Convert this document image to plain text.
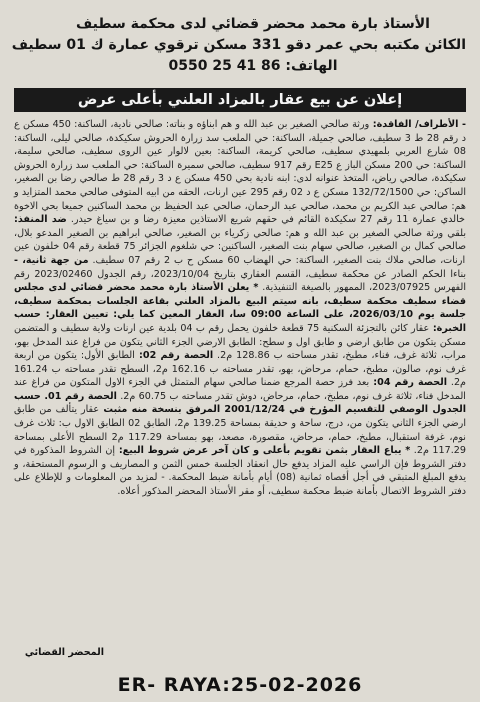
الأستاذ بارة محمد محضر قضائي لدى محكمة سطيف
الكائن مكتبه بحي عمر دقو 331 مسكن ترقوي عمارة ك 01 سطيف
الهاتف: 86 41 25 0550
إعلان عن بيع عقار بالمزاد العلني بأعلى عرض

- الأطراف/ الفاقدة: ورثة صالحي الصغير بن عبد الله و هم ابناؤه و بناته: صالحي نادية، الساكنة: 450 مسكن ع د رقم 28 ط 3 سطيف، صالحي جميلة، الساكنة: حي الملعب سد زرارة الحروش سكيكدة، صالحي ليلى، الساكنة: 08 شارع العربي بلمهيدي سطيف، صالحي كريمة، الساكنة: بعين لالوار عين الروى سطيف، صالحي سليمة، الساكنة: حي 200 مسكن الباز ع E25 رقم 917 سطيف، صالحي سميرة الساكنة: حي الملعب سد زرارة الحروش سكيكدة، صالحي رياض، المتخذ عنوانه لدى: ابنه نادية بحي 450 مسكن ع د 3 رقم 28 ط صالحي رضا بن الصغير، الساكن: حي 132/72/1500 مسكن ع د 02 رقم 295 عين ارنات، الحقه من ابيه المتوفى صالحي محمد المتزايد و هم: صالحي عبد الكريم بن محمد، صالحي عبد الرحمان، صالحي عبد الحفيظ بن محمد الساكنين جميعا بحي الاخوة خالدي عمارة 11 رقم 27 سكيكدة القائم في حقهم شريع الاستاذين معيزة رضا و بن سياغ حيدر. ضد المنفذ: بلقي ورثة صالحي الصغير بن عبد الله و هم: صالحي زكرياء بن الصغير، صالحي ابراهيم بن الصغير المدعو بلال، صالحي كمال بن الصغير، صالحي سهام بنت الصغير، الساكنين: حي شلغوم الجزائر 75 قطعة رقم 04 خلفون عين ارنات، صالحي ملاك بنت الصغير، الساكنة: حي الهضاب 60 مسكن ح ب 2 رقم 07 سطيف. من جهة ثانية، - بناءا الحكم الصادر عن محكمة سطيف، القسم العقاري بتاريخ 2023/10/04، رقم الجدول 2023/02460 رقم الفهرس 2023/07925، الممهور بالصيغة التنفيذية. * يعلن الأستاذ بارة محمد محضر قضائي لدى مجلس قضاء سطيف محكمة سطيف، بانه سيتم البيع بالمزاد العلني بقاعة الجلسات بمحكمة سطيف، جلسة يوم 2026/03/10، على الساعة 09:00 سا، العقار المعين كما يلي: تعيين العقار: حسب الخبرة: عقار كائن بالتجزئة السكنية 75 قطعة خلفون يحمل رقم ب 04 بلدية عين ارنات ولاية سطيف و المتضمن مسكن يتكون من طابق ارضي و طابق اول و سطح: الطابق الارضي الجزء الثاني يتكون من فراغ عند المدخل بهو، مراب، ثلاثة غرف، فناء، مطبخ، تقدر مساحته ب 128.86 م2. الحصة رقم 02: الطابق الأول: يتكون من اربعة غرف نوم، صالون، مطبخ، حمام، مرحاض، بهو، تقدر مساحته ب 162.16 م2، السطح تقدر مساحته ب 161.24 م2. الحصة رقم 04: بعد فرز حصة المرجع ضمنا صالحي سهام المتمثل في الجزء الاول المتكون من فراغ عند المدخل فناء، ثلاثة غرف نوم، مطبخ، حمام، مرحاض، دوش تقدر مساحته ب 60.75 م2. الحصة رقم 01. حسب الجدول الوصفي للتقسيم المؤرخ في 2001/12/24 المرفق بنسخة منه مثبت عقار يتألف من طابق ارضي الجزء الثاني يتكون من، درج، ساحة و حديقة بمساحة 139.25 م2، الطابق 02 الطابق الاول ب: ثلاث غرف نوم، غرفة استقبال، مطبخ، حمام، مرحاض، مقصورة، مصعد، بهو بمساحة 117.29 م2 السطح الأعلى بمساحة 117.29 م2. * يباع العقار بثمن تقويم بأعلى و كان آخر عرض شروط البيع: إن الشروط المذكورة في دفتر الشروط فإن الراسي عليه المزاد يدفع حال انعقاد الجلسة خمس الثمن و المصاريف و الرسوم المستحقة، و يدفع المبلغ المتبقي في أجل أقصاه ثمانية (08) أيام بأمانة ضبط المحكمة. - لمزيد من المعلومات و للإطلاع على دفتر الشروط الاتصال بأمانة ضبط محكمة سطيف، أو مقر الأستاذ المحضر المذكور أعلاه.

المحضر القضائي
ER- RAYA:25-02-2026
